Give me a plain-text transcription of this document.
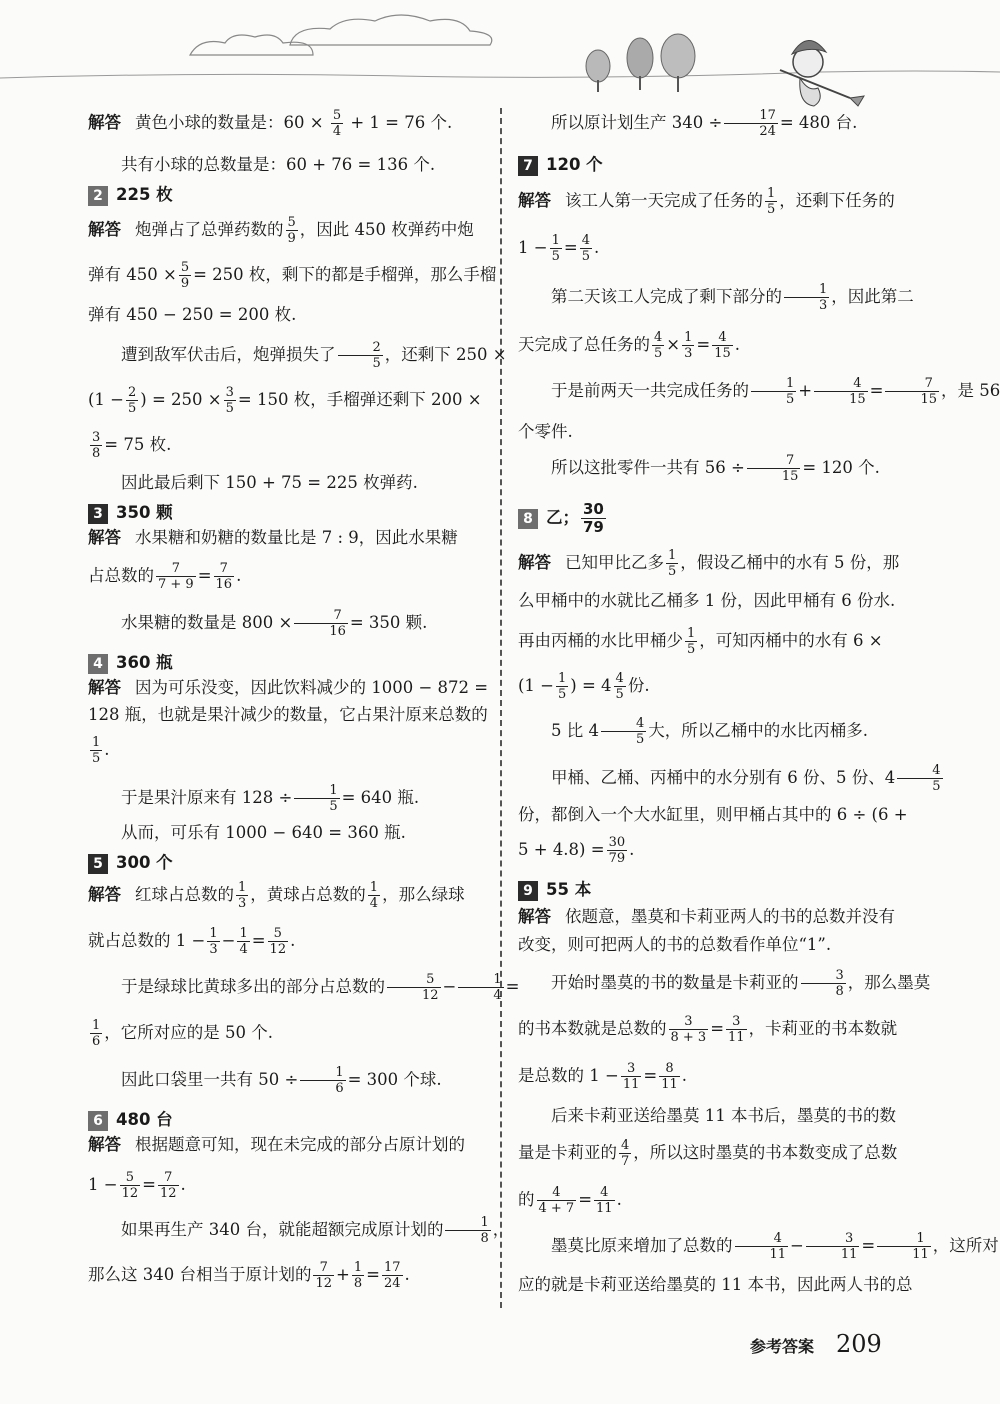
解答 黄色小球的数量是：$60 \times \frac{5}{4} + 1 = 76$ 个.
共有小球的总数量是：60 + 76 = 136 个.
2 225 枚
解答 炮弹占了总弹药数的 $\frac{5}{9}$ ，因此 450 枚弹药中炮
弹有 $450 \times \frac{5}{9} = 250$ 枚，剩下的都是手榴弹，那么手榴
弹有 450 − 250 = 200 枚.
遭到敌军伏击后，炮弹损失了 $\frac{2}{5}$ ，还剩下 250 ×
($1 - \frac{2}{5}$ ) = $250 \times \frac{3}{5} = 150$ 枚，手榴弹还剩下 200 ×
$\frac{3}{8} = 75$ 枚.
因此最后剩下 150 + 75 = 225 枚弹药.
3 350 颗
解答 水果糖和奶糖的数量比是 7 : 9，因此水果糖
占总数的 $\frac{7}{7 + 9} = \frac{7}{16}$ .
水果糖的数量是 $800 \times \frac{7}{16} = 350$ 颗.
4 360 瓶
解答 因为可乐没变，因此饮料减少的 1000 − 872 =
128 瓶，也就是果汁减少的数量，它占果汁原来总数的
$\frac{1}{5}$ .
于是果汁原来有 $128 \div \frac{1}{5} = 640$ 瓶.
从而，可乐有 1000 − 640 = 360 瓶.
5 300 个
解答 红球占总数的 $\frac{1}{3}$ ，黄球占总数的 $\frac{1}{4}$ ，那么绿球
就占总数的 $1 - \frac{1}{3} - \frac{1}{4} = \frac{5}{12}$ .
于是绿球比黄球多出的部分占总数的 $\frac{5}{12} - \frac{1}{4}$ =
$\frac{1}{6}$ ，它所对应的是 50 个.
因此口袋里一共有 $50 \div \frac{1}{6} = 300$ 个球.
6 480 台
解答 根据题意可知，现在未完成的部分占原计划的
$1 - \frac{5}{12} = \frac{7}{12}$ .
如果再生产 340 台，就能超额完成原计划的 $\frac{1}{8}$ ，
那么这 340 台相当于原计划的 $\frac{7}{12} + \frac{1}{8} = \frac{17}{24}$ .
所以原计划生产 $340 \div \frac{17}{24} = 480$ 台.
7 120 个
解答 该工人第一天完成了任务的 $\frac{1}{5}$ ，还剩下任务的
$1 - \frac{1}{5} = \frac{4}{5}$ .
第二天该工人完成了剩下部分的 $\frac{1}{3}$ ，因此第二
天完成了总任务的 $\frac{4}{5} \times \frac{1}{3} = \frac{4}{15}$ .
于是前两天一共完成任务的 $\frac{1}{5} + \frac{4}{15} = \frac{7}{15}$ ，是 56
个零件.
所以这批零件一共有 $56 \div \frac{7}{15} = 120$ 个.
8 乙； $\frac{30}{79}$
解答 已知甲比乙多 $\frac{1}{5}$ ，假设乙桶中的水有 5 份，那
么甲桶中的水就比乙桶多 1 份，因此甲桶有 6 份水.
再由丙桶的水比甲桶少 $\frac{1}{5}$ ，可知丙桶中的水有 6 ×
($1 - \frac{1}{5}$ ) = $4 \frac{4}{5}$ 份.
5 比 $4 \frac{4}{5}$ 大，所以乙桶中的水比丙桶多.
甲桶、乙桶、丙桶中的水分别有 6 份、5 份、$4 \frac{4}{5}$
份，都倒入一个大水缸里，则甲桶占其中的 6 ÷ (6 +
$5 + 4.8) = \frac{30}{79}$ .
9 55 本
解答 依题意，墨莫和卡莉亚两人的书的总数并没有
改变，则可把两人的书的总数看作单位“1”.
开始时墨莫的书的数量是卡莉亚的 $\frac{3}{8}$ ，那么墨莫
的书本数就是总数的 $\frac{3}{8 + 3} = \frac{3}{11}$ ，卡莉亚的书本数就
是总数的 $1 - \frac{3}{11} = \frac{8}{11}$ .
后来卡莉亚送给墨莫 11 本书后，墨莫的书的数
量是卡莉亚的 $\frac{4}{7}$ ，所以这时墨莫的书本数变成了总数
的 $\frac{4}{4 + 7} = \frac{4}{11}$ .
墨莫比原来增加了总数的 $\frac{4}{11} - \frac{3}{11} = \frac{1}{11}$ ，这所对
应的就是卡莉亚送给墨莫的 11 本书，因此两人书的总
参考答案 209
